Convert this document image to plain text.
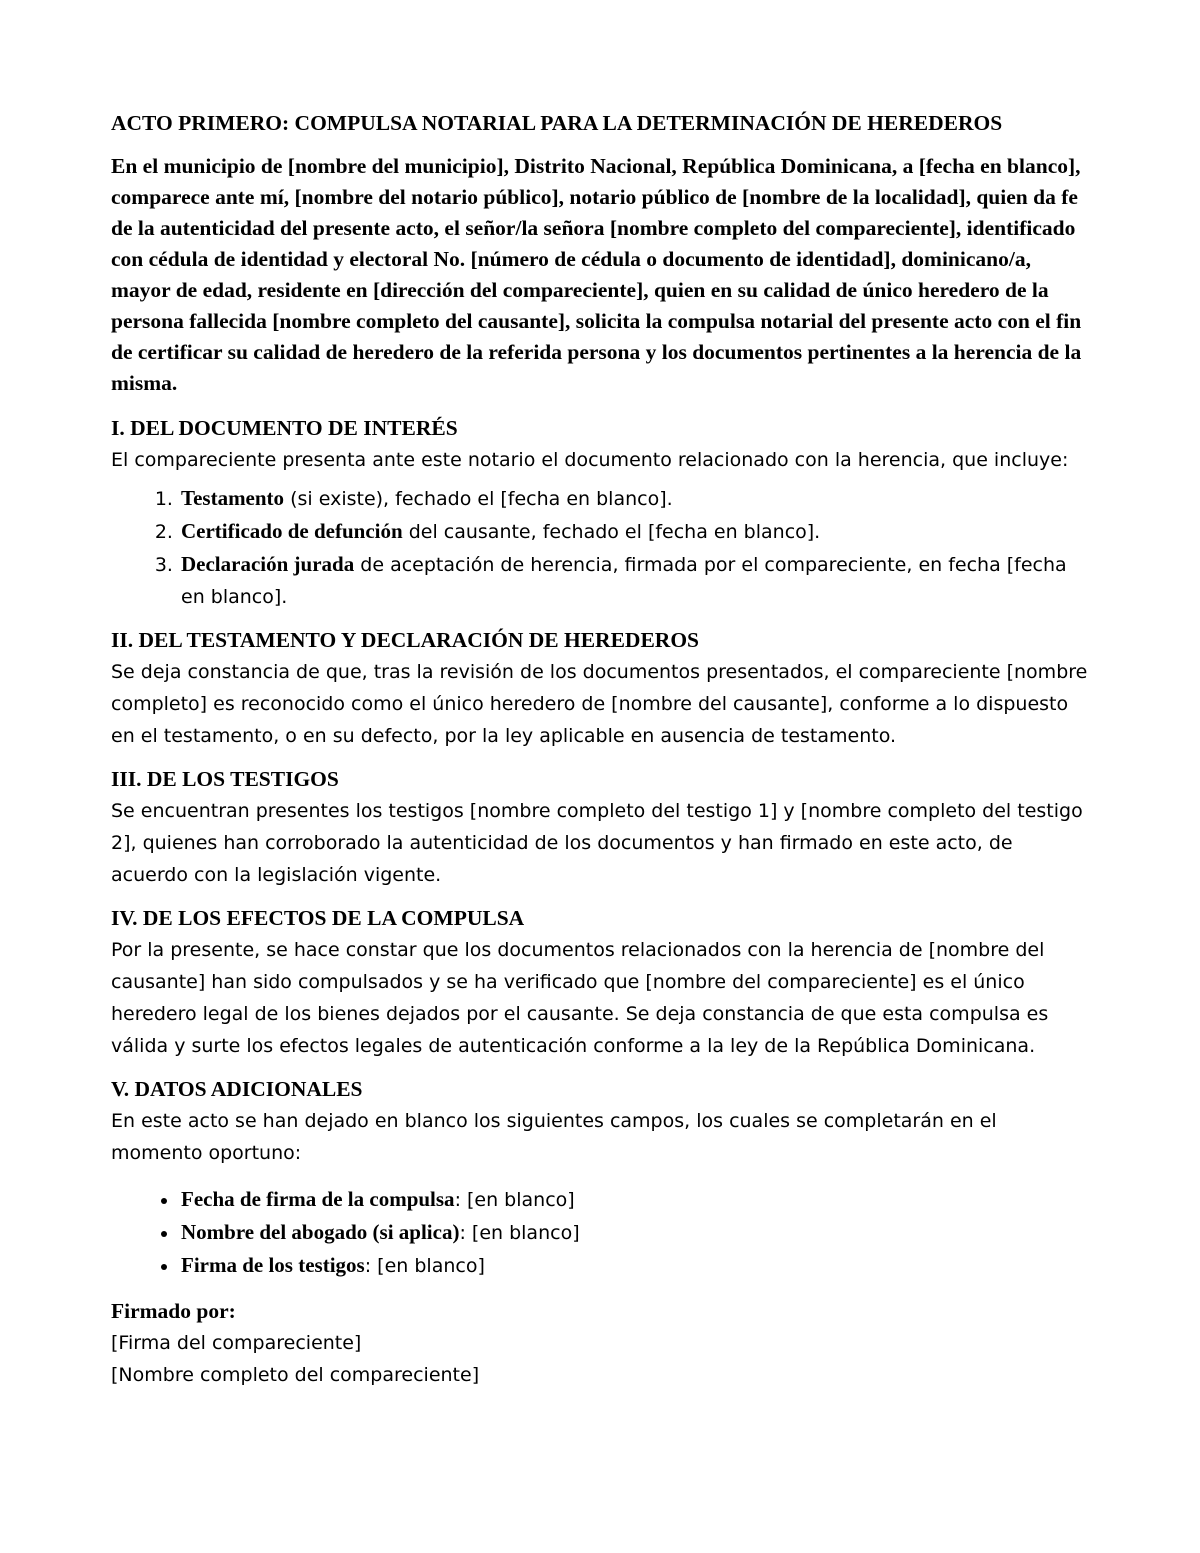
ACTO PRIMERO: COMPULSA NOTARIAL PARA LA DETERMINACIÓN DE HEREDEROS

En el municipio de [nombre del municipio], Distrito Nacional, República Dominicana, a [fecha en blanco], comparece ante mí, [nombre del notario público], notario público de [nombre de la localidad], quien da fe de la autenticidad del presente acto, el señor/la señora [nombre completo del compareciente], identificado con cédula de identidad y electoral No. [número de cédula o documento de identidad], dominicano/a, mayor de edad, residente en [dirección del compareciente], quien en su calidad de único heredero de la persona fallecida [nombre completo del causante], solicita la compulsa notarial del presente acto con el fin de certificar su calidad de heredero de la referida persona y los documentos pertinentes a la herencia de la misma.

I. DEL DOCUMENTO DE INTERÉS

El compareciente presenta ante este notario el documento relacionado con la herencia, que incluye:

1. Testamento (si existe), fechado el [fecha en blanco].
2. Certificado de defunción del causante, fechado el [fecha en blanco].
3. Declaración jurada de aceptación de herencia, firmada por el compareciente, en fecha [fecha en blanco].
II. DEL TESTAMENTO Y DECLARACIÓN DE HEREDEROS

Se deja constancia de que, tras la revisión de los documentos presentados, el compareciente [nombre completo] es reconocido como el único heredero de [nombre del causante], conforme a lo dispuesto en el testamento, o en su defecto, por la ley aplicable en ausencia de testamento.

III. DE LOS TESTIGOS

Se encuentran presentes los testigos [nombre completo del testigo 1] y [nombre completo del testigo 2], quienes han corroborado la autenticidad de los documentos y han firmado en este acto, de acuerdo con la legislación vigente.

IV. DE LOS EFECTOS DE LA COMPULSA

Por la presente, se hace constar que los documentos relacionados con la herencia de [nombre del causante] han sido compulsados y se ha verificado que [nombre del compareciente] es el único heredero legal de los bienes dejados por el causante. Se deja constancia de que esta compulsa es válida y surte los efectos legales de autenticación conforme a la ley de la República Dominicana.

V. DATOS ADICIONALES

En este acto se han dejado en blanco los siguientes campos, los cuales se completarán en el momento oportuno:

• Fecha de firma de la compulsa: [en blanco]
• Nombre del abogado (si aplica): [en blanco]
• Firma de los testigos: [en blanco]
Firmado por:

[Firma del compareciente]

[Nombre completo del compareciente]
